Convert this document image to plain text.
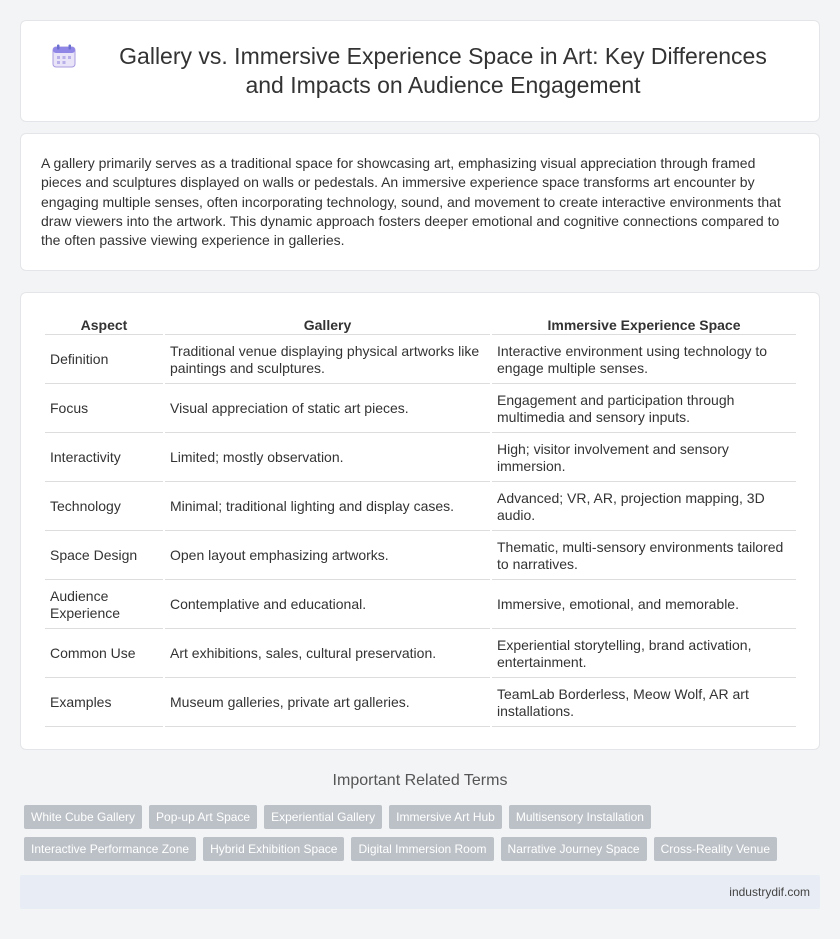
Gallery vs. Immersive Experience Space in Art: Key Differences and Impacts on Audience Engagement

A gallery primarily serves as a traditional space for showcasing art, emphasizing visual appreciation through framed pieces and sculptures displayed on walls or pedestals. An immersive experience space transforms art encounter by engaging multiple senses, often incorporating technology, sound, and movement to create interactive environments that draw viewers into the artwork. This dynamic approach fosters deeper emotional and cognitive connections compared to the often passive viewing experience in galleries.

Aspect	Gallery	Immersive Experience Space
Definition	Traditional venue displaying physical artworks like paintings and sculptures.	Interactive environment using technology to engage multiple senses.
Focus	Visual appreciation of static art pieces.	Engagement and participation through multimedia and sensory inputs.
Interactivity	Limited; mostly observation.	High; visitor involvement and sensory immersion.
Technology	Minimal; traditional lighting and display cases.	Advanced; VR, AR, projection mapping, 3D audio.
Space Design	Open layout emphasizing artworks.	Thematic, multi-sensory environments tailored to narratives.
Audience Experience	Contemplative and educational.	Immersive, emotional, and memorable.
Common Use	Art exhibitions, sales, cultural preservation.	Experiential storytelling, brand activation, entertainment.
Examples	Museum galleries, private art galleries.	TeamLab Borderless, Meow Wolf, AR art installations.
Important Related Terms
White Cube Gallery	Pop-up Art Space	Experiential Gallery	Immersive Art Hub	Multisensory Installation
Interactive Performance Zone	Hybrid Exhibition Space	Digital Immersion Room	Narrative Journey Space	Cross-Reality Venue
industrydif.com
